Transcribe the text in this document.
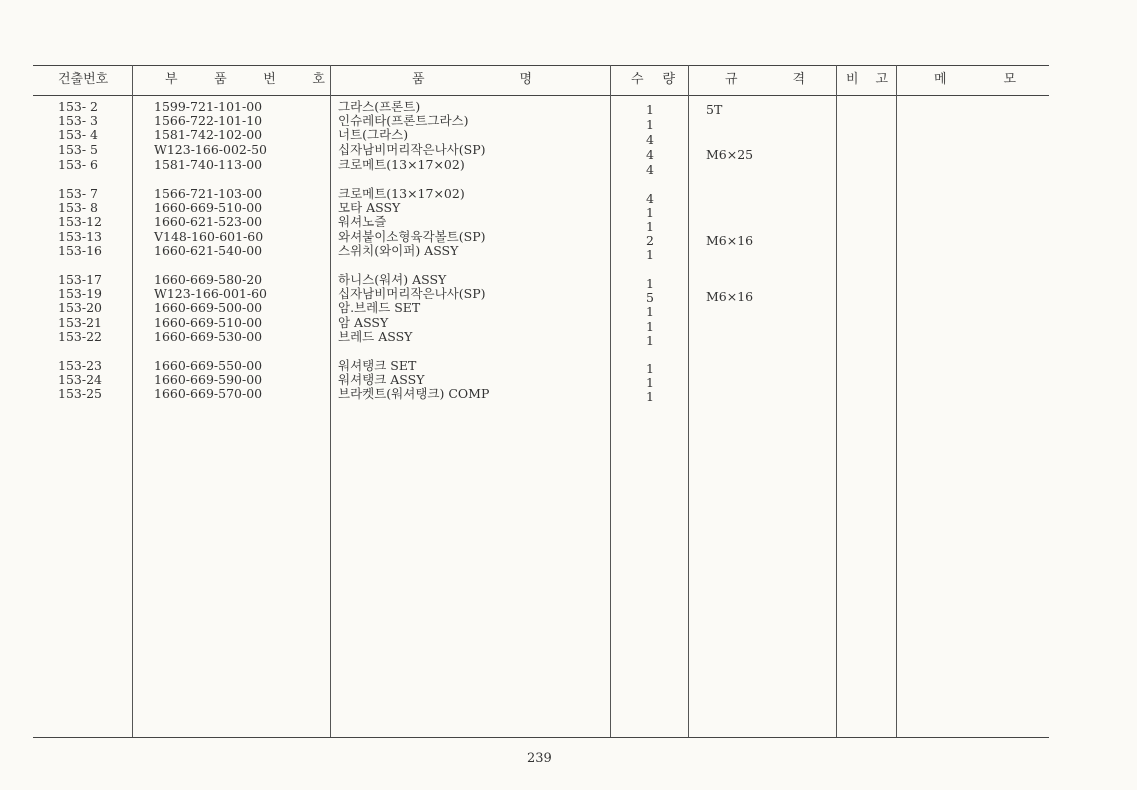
건출번호	부	품	번	호	품	명	수 량	규	격	비 고	메	모
153- 2	1599-721-101-00	그라스(프론트)	1	5T
153- 3	1566-722-101-10	인슈레타(프론트그라스)	1
153- 4	1581-742-102-00	너트(그라스)	4
153- 5	W123-166-002-50	십자남비머리작은나사(SP)	4	M6×25
153- 6	1581-740-113-00	크로메트(13×17×02)	4
153- 7	1566-721-103-00	크로메트(13×17×02)	4
153- 8	1660-669-510-00	모타 ASSY	1
153-12	1660-621-523-00	워셔노즐	1
153-13	V148-160-601-60	와셔붙이소형육각볼트(SP)	2	M6×16
153-16	1660-621-540-00	스위치(와이퍼) ASSY	1
153-17	1660-669-580-20	하니스(워셔) ASSY	1
153-19	W123-166-001-60	십자남비머리작은나사(SP)	5	M6×16
153-20	1660-669-500-00	암.브레드 SET	1
153-21	1660-669-510-00	암 ASSY	1
153-22	1660-669-530-00	브레드 ASSY	1
153-23	1660-669-550-00	워셔탱크 SET	1
153-24	1660-669-590-00	워셔탱크 ASSY	1
153-25	1660-669-570-00	브라켓트(워셔탱크) COMP	1
239
